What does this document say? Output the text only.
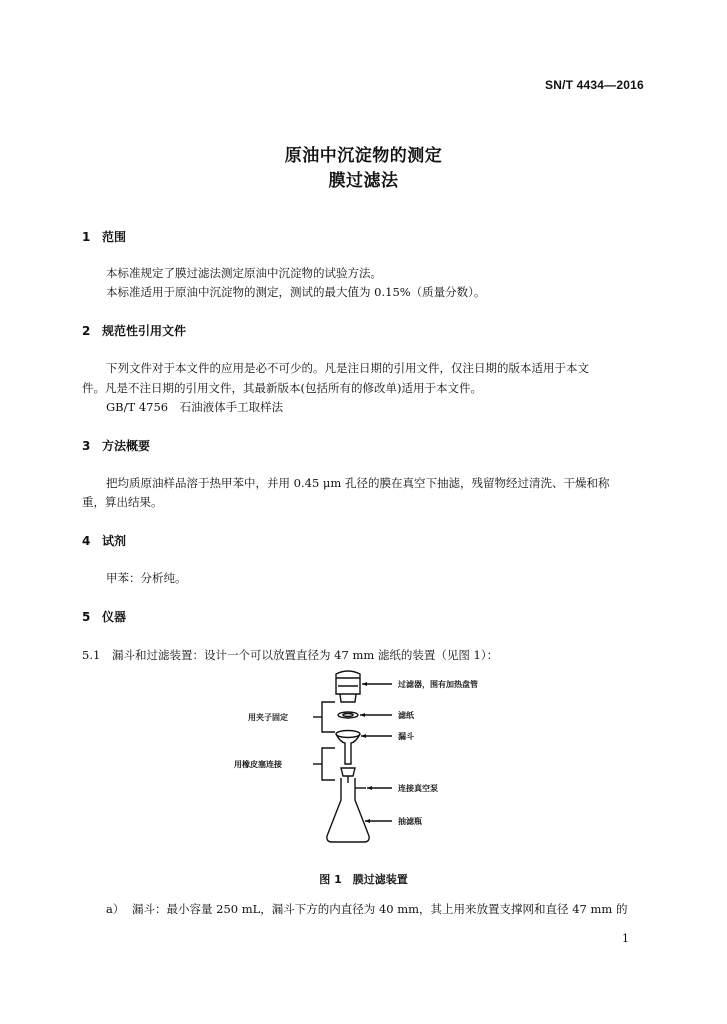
SN/T 4434—2016
原油中沉淀物的测定
膜过滤法
1 范围
本标准规定了膜过滤法测定原油中沉淀物的试验方法。
本标准适用于原油中沉淀物的测定，测试的最大值为 0.15%（质量分数）。
2 规范性引用文件
下列文件对于本文件的应用是必不可少的。凡是注日期的引用文件，仅注日期的版本适用于本文
件。凡是不注日期的引用文件，其最新版本(包括所有的修改单)适用于本文件。
GB/T 4756　石油液体手工取样法
3 方法概要
把均质原油样品溶于热甲苯中，并用 0.45 μm 孔径的膜在真空下抽滤，残留物经过清洗、干燥和称
重，算出结果。
4 试剂
甲苯：分析纯。
5 仪器
5.1 漏斗和过滤装置：设计一个可以放置直径为 47 mm 滤纸的装置（见图 1）：
过滤器，围有加热盘管
滤纸
漏斗
连接真空泵
抽滤瓶
用夹子固定
用橡皮塞连接
图 1　膜过滤装置
a） 漏斗：最小容量 250 mL，漏斗下方的内直径为 40 mm，其上用来放置支撑网和直径 47 mm 的
1
